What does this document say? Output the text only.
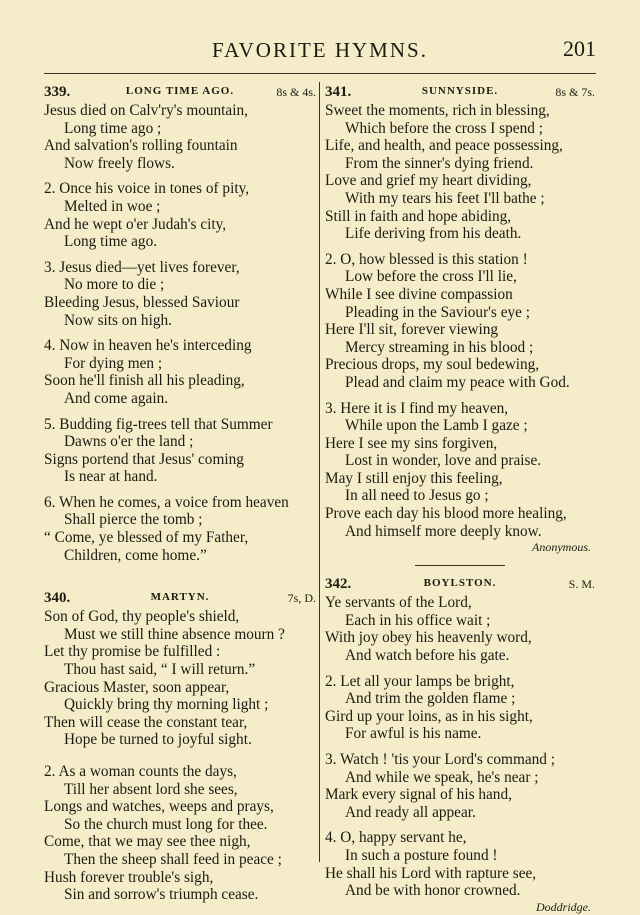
FAVORITE HYMNS.	201
339.	LONG TIME AGO.	8s & 4s.
Jesus died on Calv'ry's mountain,
Long time ago ;
And salvation's rolling fountain
Now freely flows.
2. Once his voice in tones of pity,
Melted in woe ;
And he wept o'er Judah's city,
Long time ago.
3. Jesus died—yet lives forever,
No more to die ;
Bleeding Jesus, blessed Saviour
Now sits on high.
4. Now in heaven he's interceding
For dying men ;
Soon he'll finish all his pleading,
And come again.
5. Budding fig-trees tell that Summer
Dawns o'er the land ;
Signs portend that Jesus' coming
Is near at hand.
6. When he comes, a voice from heaven
Shall pierce the tomb ;
“ Come, ye blessed of my Father,
Children, come home.”
340.	MARTYN.	7s, D.
Son of God, thy people's shield,
Must we still thine absence mourn ?
Let thy promise be fulfilled :
Thou hast said, “ I will return.”
Gracious Master, soon appear,
Quickly bring thy morning light ;
Then will cease the constant tear,
Hope be turned to joyful sight.
2. As a woman counts the days,
Till her absent lord she sees,
Longs and watches, weeps and prays,
So the church must long for thee.
Come, that we may see thee nigh,
Then the sheep shall feed in peace ;
Hush forever trouble's sigh,
Sin and sorrow's triumph cease.
341.	SUNNYSIDE.	8s & 7s.
Sweet the moments, rich in blessing,
Which before the cross I spend ;
Life, and health, and peace possessing,
From the sinner's dying friend.
Love and grief my heart dividing,
With my tears his feet I'll bathe ;
Still in faith and hope abiding,
Life deriving from his death.
2. O, how blessed is this station !
Low before the cross I'll lie,
While I see divine compassion
Pleading in the Saviour's eye ;
Here I'll sit, forever viewing
Mercy streaming in his blood ;
Precious drops, my soul bedewing,
Plead and claim my peace with God.
3. Here it is I find my heaven,
While upon the Lamb I gaze ;
Here I see my sins forgiven,
Lost in wonder, love and praise.
May I still enjoy this feeling,
In all need to Jesus go ;
Prove each day his blood more healing,
And himself more deeply know.
Anonymous.
342.	BOYLSTON.	S. M.
Ye servants of the Lord,
Each in his office wait ;
With joy obey his heavenly word,
And watch before his gate.
2. Let all your lamps be bright,
And trim the golden flame ;
Gird up your loins, as in his sight,
For awful is his name.
3. Watch ! 'tis your Lord's command ;
And while we speak, he's near ;
Mark every signal of his hand,
And ready all appear.
4. O, happy servant he,
In such a posture found !
He shall his Lord with rapture see,
And be with honor crowned.
Doddridge.
